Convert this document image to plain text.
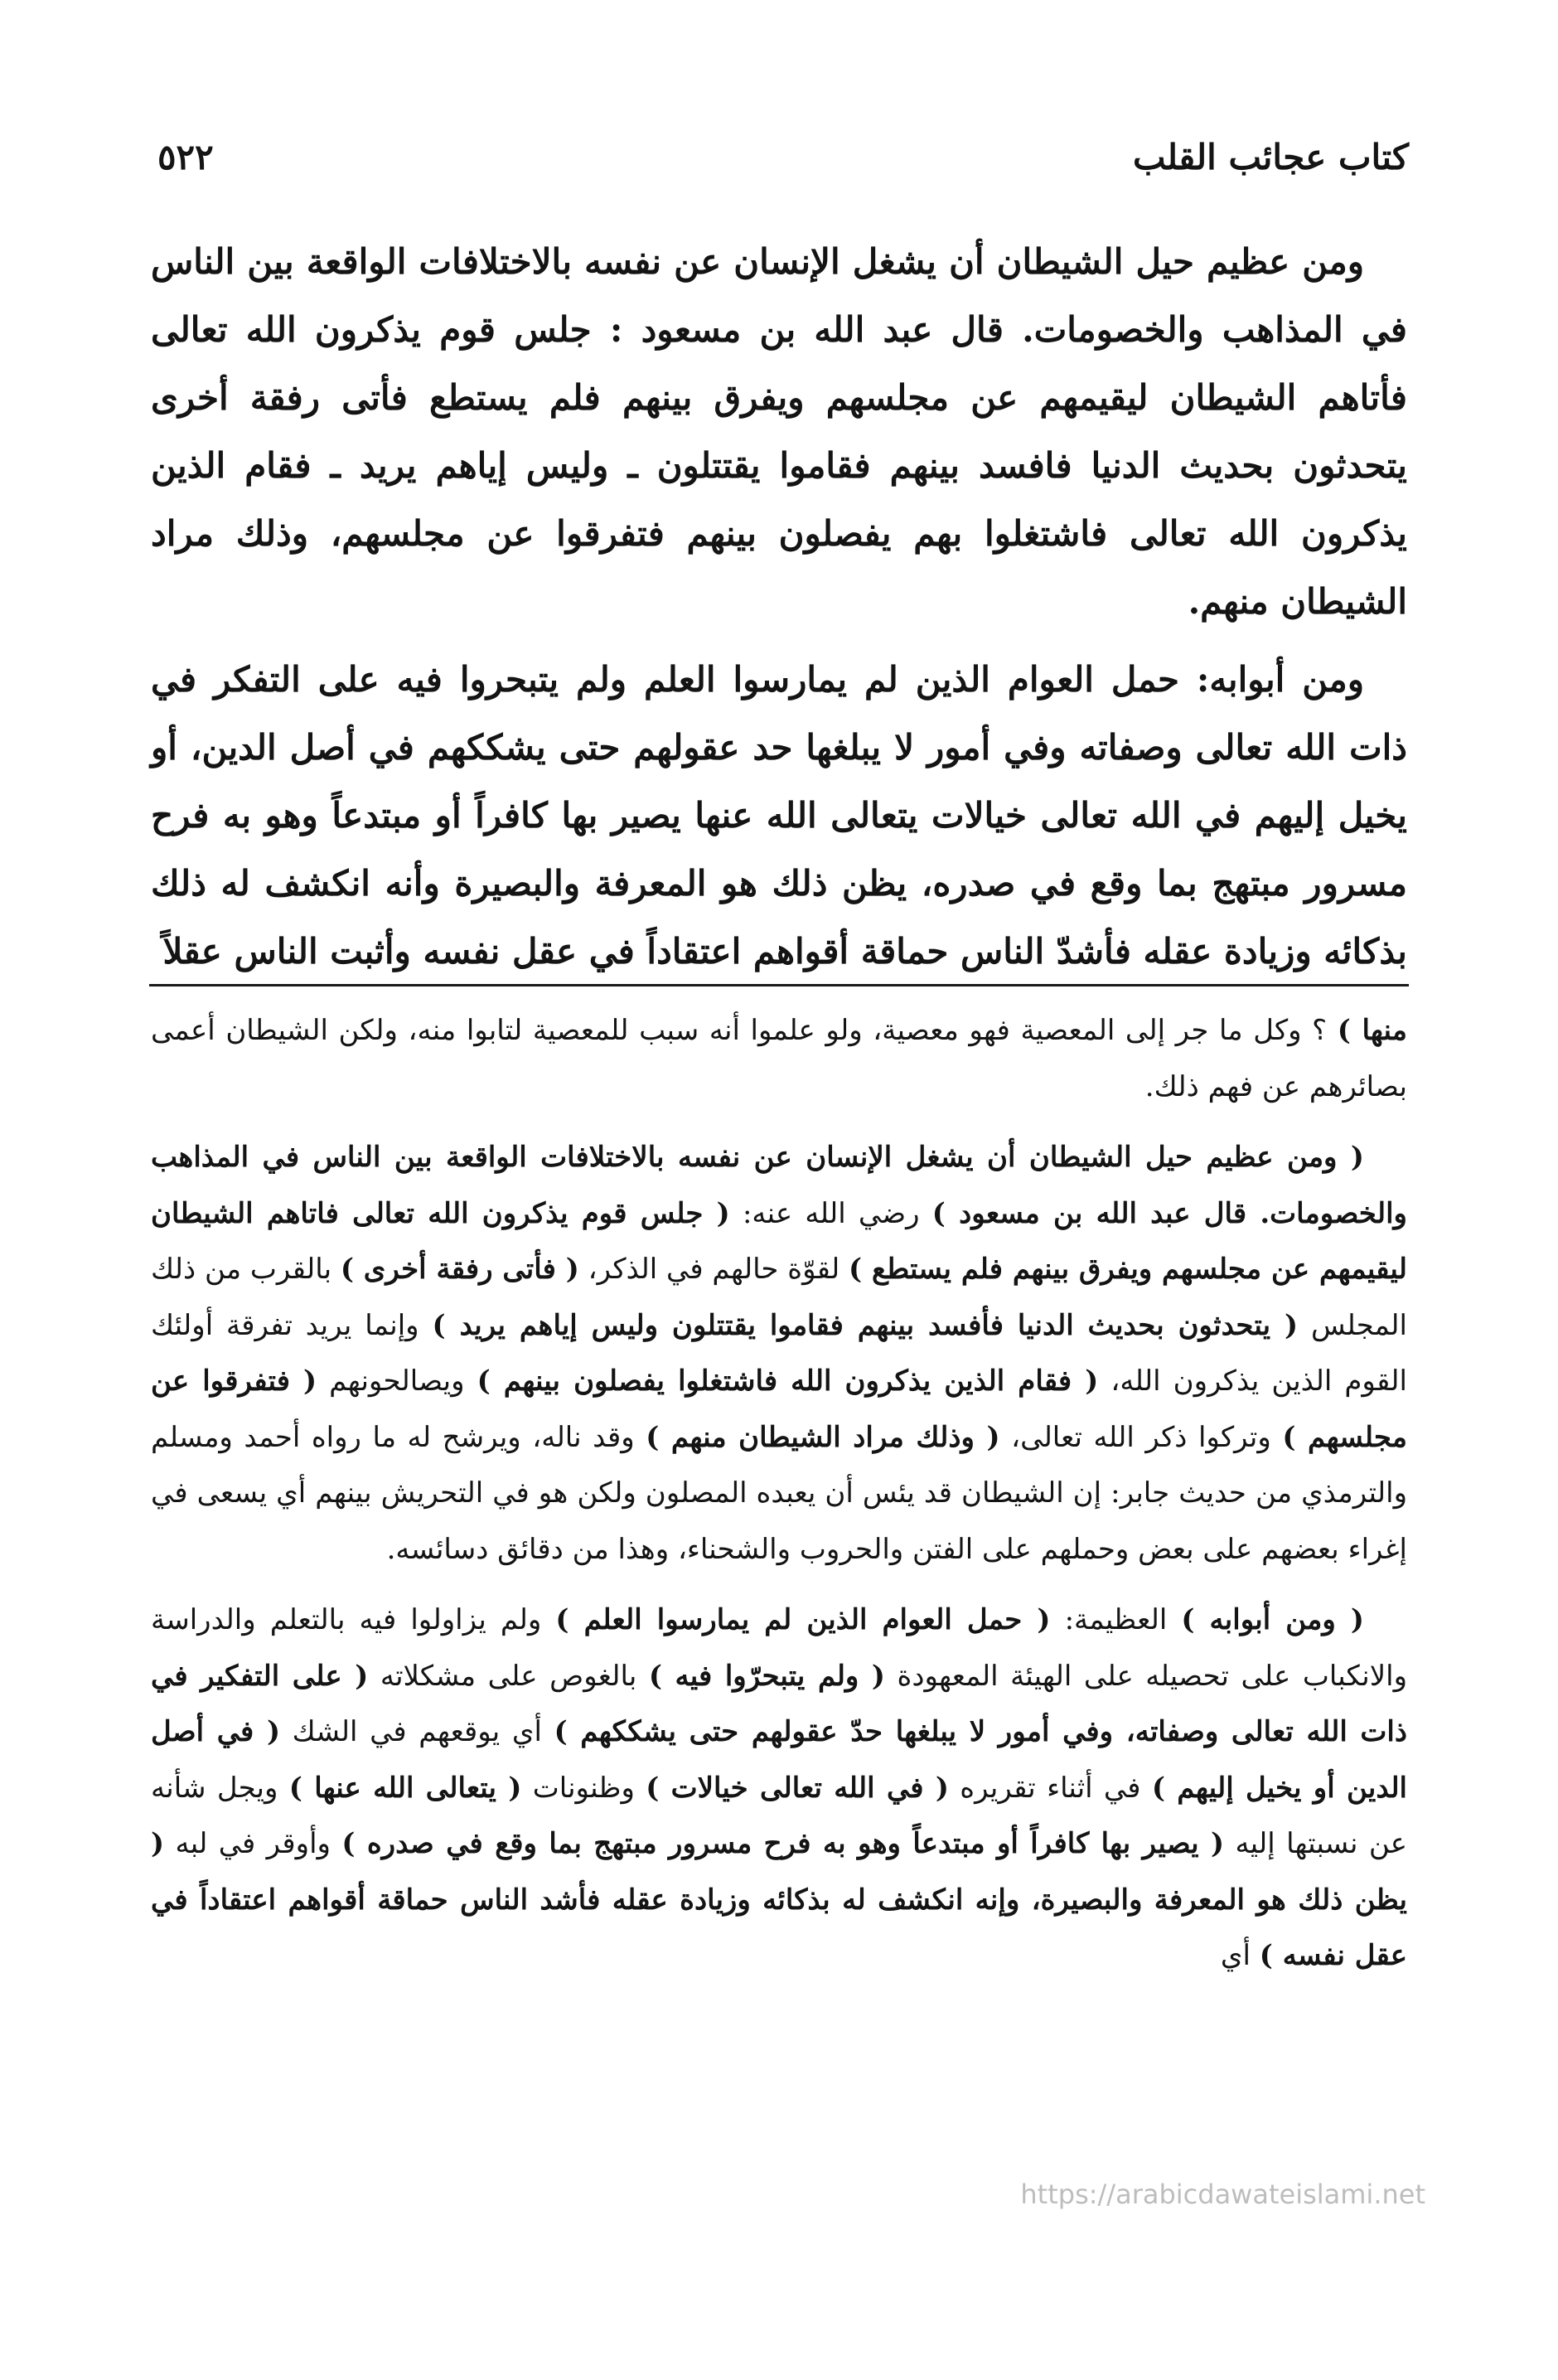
كتاب عجائب القلب
٥٢٢

ومن عظيم حيل الشيطان أن يشغل الإنسان عن نفسه بالاختلافات الواقعة بين الناس في المذاهب والخصومات. قال عبد الله بن مسعود : جلس قوم يذكرون الله تعالى فأتاهم الشيطان ليقيمهم عن مجلسهم ويفرق بينهم فلم يستطع فأتى رفقة أخرى يتحدثون بحديث الدنيا فافسد بينهم فقاموا يقتتلون ـ وليس إياهم يريد ـ فقام الذين يذكرون الله تعالى فاشتغلوا بهم يفصلون بينهم فتفرقوا عن مجلسهم، وذلك مراد الشيطان منهم.

ومن أبوابه: حمل العوام الذين لم يمارسوا العلم ولم يتبحروا فيه على التفكر في ذات الله تعالى وصفاته وفي أمور لا يبلغها حد عقولهم حتى يشككهم في أصل الدين، أو يخيل إليهم في الله تعالى خيالات يتعالى الله عنها يصير بها كافراً أو مبتدعاً وهو به فرح مسرور مبتهج بما وقع في صدره، يظن ذلك هو المعرفة والبصيرة وأنه انكشف له ذلك بذكائه وزيادة عقله فأشدّ الناس حماقة أقواهم اعتقاداً في عقل نفسه وأثبت الناس عقلاً

منها ) ؟ وكل ما جر إلى المعصية فهو معصية، ولو علموا أنه سبب للمعصية لتابوا منه، ولكن الشيطان أعمى بصائرهم عن فهم ذلك.

( ومن عظيم حيل الشيطان أن يشغل الإنسان عن نفسه بالاختلافات الواقعة بين الناس في المذاهب والخصومات. قال عبد الله بن مسعود ) رضي الله عنه: ( جلس قوم يذكرون الله تعالى فاتاهم الشيطان ليقيمهم عن مجلسهم ويفرق بينهم فلم يستطع ) لقوّة حالهم في الذكر، ( فأتى رفقة أخرى ) بالقرب من ذلك المجلس ( يتحدثون بحديث الدنيا فأفسد بينهم فقاموا يقتتلون وليس إياهم يريد ) وإنما يريد تفرقة أولئك القوم الذين يذكرون الله، ( فقام الذين يذكرون الله فاشتغلوا يفصلون بينهم ) ويصالحونهم ( فتفرقوا عن مجلسهم ) وتركوا ذكر الله تعالى، ( وذلك مراد الشيطان منهم ) وقد ناله، ويرشح له ما رواه أحمد ومسلم والترمذي من حديث جابر: إن الشيطان قد يئس أن يعبده المصلون ولكن هو في التحريش بينهم أي يسعى في إغراء بعضهم على بعض وحملهم على الفتن والحروب والشحناء، وهذا من دقائق دسائسه.

( ومن أبوابه ) العظيمة: ( حمل العوام الذين لم يمارسوا العلم ) ولم يزاولوا فيه بالتعلم والدراسة والانكباب على تحصيله على الهيئة المعهودة ( ولم يتبحرّوا فيه ) بالغوص على مشكلاته ( على التفكير في ذات الله تعالى وصفاته، وفي أمور لا يبلغها حدّ عقولهم حتى يشككهم ) أي يوقعهم في الشك ( في أصل الدين أو يخيل إليهم ) في أثناء تقريره ( في الله تعالى خيالات ) وظنونات ( يتعالى الله عنها ) ويجل شأنه عن نسبتها إليه ( يصير بها كافراً أو مبتدعاً وهو به فرح مسرور مبتهج بما وقع في صدره ) وأوقر في لبه ( يظن ذلك هو المعرفة والبصيرة، وإنه انكشف له بذكائه وزيادة عقله فأشد الناس حماقة أقواهم اعتقاداً في عقل نفسه ) أي

https://arabicdawateislami.net
